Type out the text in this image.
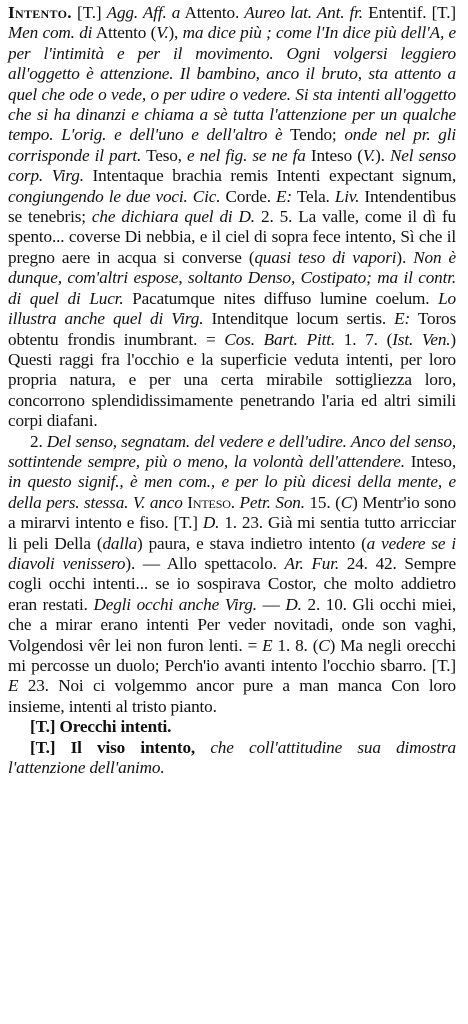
Intento. [T.] Agg. Aff. a Attento. Aureo lat. Ant. fr. Ententif. [T.] Men com. di Attento (V.), ma dice più ; come l'In dice più dell'A, e per l'intimità e per il movimento. Ogni volgersi leggiero all'oggetto è attenzione. Il bambino, anco il bruto, sta attento a quel che ode o vede, o per udire o vedere. Si sta intenti all'oggetto che si ha dinanzi e chiama a sè tutta l'attenzione per un qualche tempo. L'orig. e dell'uno e dell'altro è Tendo; onde nel pr. gli corrisponde il part. Teso, e nel fig. se ne fa Inteso (V.). Nel senso corp. Virg. Intentaque brachia remis Intenti expectant signum, congiungendo le due voci. Cic. Corde. E: Tela. Liv. Intendentibus se tenebris; che dichiara quel di D. 2. 5. La valle, come il dì fu spento... coverse Di nebbia, e il ciel di sopra fece intento, Sì che il pregno aere in acqua si converse (quasi teso di vapori). Non è dunque, com'altri espose, soltanto Denso, Costipato; ma il contr. di quel di Lucr. Pacatumque nites diffuso lumine coelum. Lo illustra anche quel di Virg. Intenditque locum sertis. E: Toros obtentu frondis inumbrant. = Cos. Bart. Pitt. 1. 7. (Ist. Ven.) Questi raggi fra l'occhio e la superficie veduta intenti, per loro propria natura, e per una certa mirabile sottigliezza loro, concorrono splendidissimamente penetrando l'aria ed altri simili corpi diafani.

2. Del senso, segnatam. del vedere e dell'udire. Anco del senso, sottintende sempre, più o meno, la volontà dell'attendere. Inteso, in questo signif., è men com., e per lo più dicesi della mente, e della pers. stessa. V. anco Inteso. Petr. Son. 15. (C) Mentr'io sono a mirarvi intento e fiso. [T.] D. 1. 23. Già mi sentia tutto arricciar li peli Della (dalla) paura, e stava indietro intento (a vedere se i diavoli venissero). — Allo spettacolo. Ar. Fur. 24. 42. Sempre cogli occhi intenti... se io sospirava Costor, che molto addietro eran restati. Degli occhi anche Virg. — D. 2. 10. Gli occhi miei, che a mirar erano intenti Per veder novitadi, onde son vaghi, Volgendosi vêr lei non furon lenti. = E 1. 8. (C) Ma negli orecchi mi percosse un duolo; Perch'io avanti intento l'occhio sbarro. [T.] E 23. Noi ci volgemmo ancor pure a man manca Con loro insieme, intenti al tristo pianto.

[T.] Orecchi intenti.

[T.] Il viso intento, che coll'attitudine sua dimostra l'attenzione dell'animo.
